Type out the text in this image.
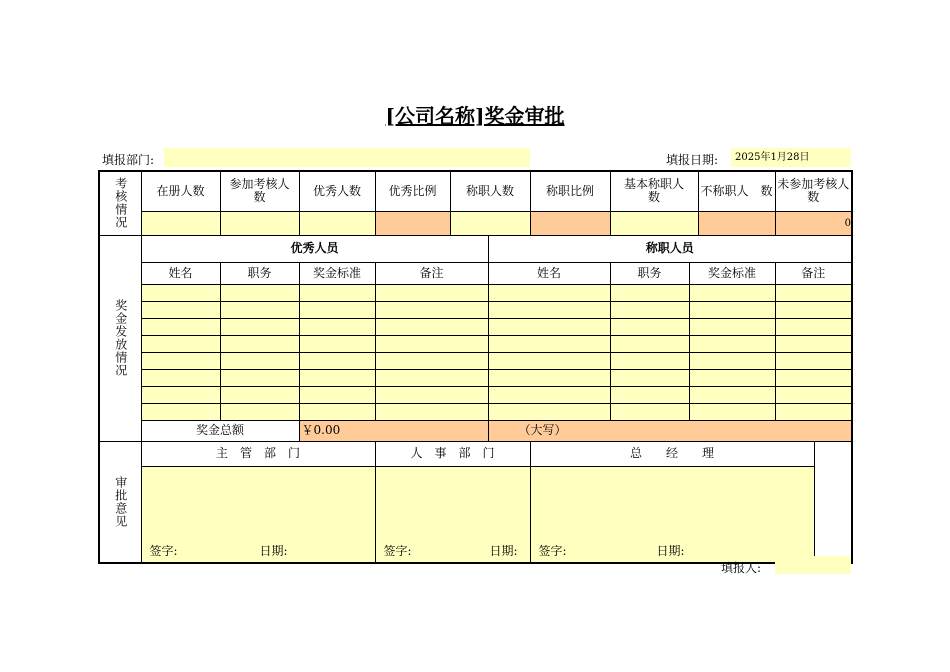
[公司名称]奖金审批
填报部门:	填报日期:	2025年1月28日
考核情况	在册人数	参加考核人　　数	优秀人数	优秀比例	称职人数		称职比例	基本称职人　　数		不称职人　数	未参加考核人　　　数
											0
奖金发放情况	优秀人员					称职人员					
	姓名	职务	奖金标准	备注		姓名		职务	奖金标准		备注

	奖金总额		￥0.00			（大写）					
审批意见	主　管　部　门			人　事　部　门			总　　经　　理				
	签字: 日期:			签字: 日期:			签字: 日期:				
填报人:
